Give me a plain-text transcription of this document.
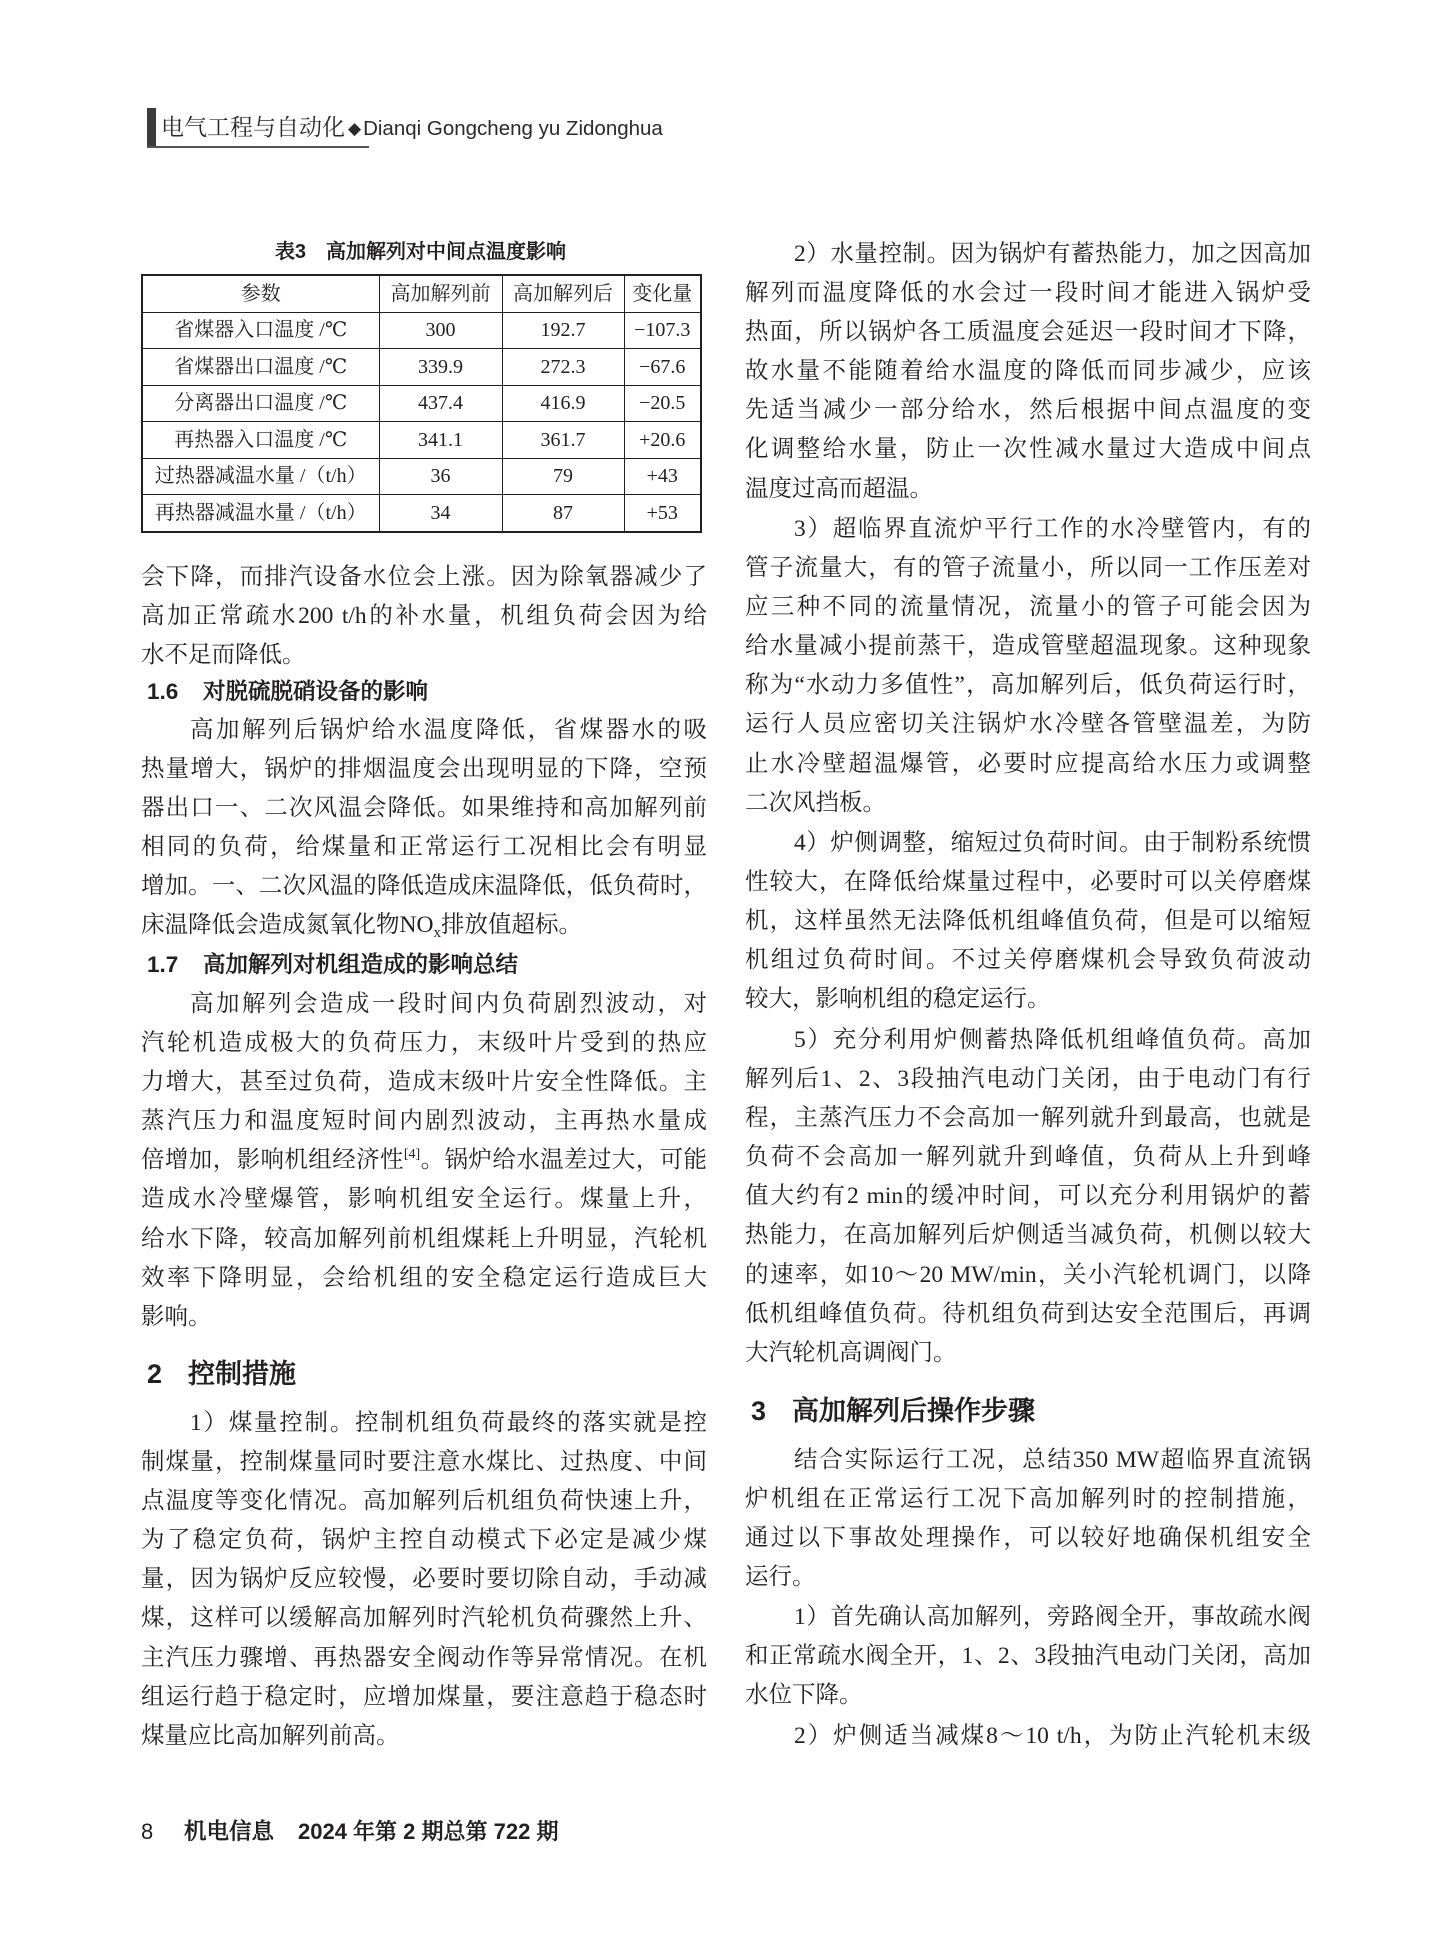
电气工程与自动化 ◆Dianqi Gongcheng yu Zidonghua
表3　高加解列对中间点温度影响
参数	高加解列前	高加解列后	变化量
省煤器入口温度 /℃	300	192.7	−107.3
省煤器出口温度 /℃	339.9	272.3	−67.6
分离器出口温度 /℃	437.4	416.9	−20.5
再热器入口温度 /℃	341.1	361.7	+20.6
过热器减温水量 /（t/h）	36	79	+43
再热器减温水量 /（t/h）	34	87	+53
会下降，而排汽设备水位会上涨。因为除氧器减少了
高加正常疏水200 t/h的补水量，机组负荷会因为给
水不足而降低。
1.6 对脱硫脱硝设备的影响
高加解列后锅炉给水温度降低，省煤器水的吸
热量增大，锅炉的排烟温度会出现明显的下降，空预
器出口一、二次风温会降低。如果维持和高加解列前
相同的负荷，给煤量和正常运行工况相比会有明显
增加。一、二次风温的降低造成床温降低，低负荷时，
床温降低会造成氮氧化物$NO_x$排放值超标。
1.7 高加解列对机组造成的影响总结
高加解列会造成一段时间内负荷剧烈波动，对
汽轮机造成极大的负荷压力，末级叶片受到的热应
力增大，甚至过负荷，造成末级叶片安全性降低。主
蒸汽压力和温度短时间内剧烈波动，主再热水量成
倍增加，影响机组经济性[4]。锅炉给水温差过大，可能
造成水冷壁爆管，影响机组安全运行。煤量上升，
给水下降，较高加解列前机组煤耗上升明显，汽轮机
效率下降明显，会给机组的安全稳定运行造成巨大
影响。
2 控制措施
1）煤量控制。控制机组负荷最终的落实就是控
制煤量，控制煤量同时要注意水煤比、过热度、中间
点温度等变化情况。高加解列后机组负荷快速上升，
为了稳定负荷，锅炉主控自动模式下必定是减少煤
量，因为锅炉反应较慢，必要时要切除自动，手动减
煤，这样可以缓解高加解列时汽轮机负荷骤然上升、
主汽压力骤增、再热器安全阀动作等异常情况。在机
组运行趋于稳定时，应增加煤量，要注意趋于稳态时
煤量应比高加解列前高。
2）水量控制。因为锅炉有蓄热能力，加之因高加
解列而温度降低的水会过一段时间才能进入锅炉受
热面，所以锅炉各工质温度会延迟一段时间才下降，
故水量不能随着给水温度的降低而同步减少，应该
先适当减少一部分给水，然后根据中间点温度的变
化调整给水量，防止一次性减水量过大造成中间点
温度过高而超温。
3）超临界直流炉平行工作的水冷壁管内，有的
管子流量大，有的管子流量小，所以同一工作压差对
应三种不同的流量情况，流量小的管子可能会因为
给水量减小提前蒸干，造成管壁超温现象。这种现象
称为“水动力多值性”，高加解列后，低负荷运行时，
运行人员应密切关注锅炉水冷壁各管壁温差，为防
止水冷壁超温爆管，必要时应提高给水压力或调整
二次风挡板。
4）炉侧调整，缩短过负荷时间。由于制粉系统惯
性较大，在降低给煤量过程中，必要时可以关停磨煤
机，这样虽然无法降低机组峰值负荷，但是可以缩短
机组过负荷时间。不过关停磨煤机会导致负荷波动
较大，影响机组的稳定运行。
5）充分利用炉侧蓄热降低机组峰值负荷。高加
解列后1、2、3段抽汽电动门关闭，由于电动门有行
程，主蒸汽压力不会高加一解列就升到最高，也就是
负荷不会高加一解列就升到峰值，负荷从上升到峰
值大约有2 min的缓冲时间，可以充分利用锅炉的蓄
热能力，在高加解列后炉侧适当减负荷，机侧以较大
的速率，如10～20 MW/min，关小汽轮机调门，以降
低机组峰值负荷。待机组负荷到达安全范围后，再调
大汽轮机高调阀门。
3 高加解列后操作步骤
结合实际运行工况，总结350 MW超临界直流锅
炉机组在正常运行工况下高加解列时的控制措施，
通过以下事故处理操作，可以较好地确保机组安全
运行。
1）首先确认高加解列，旁路阀全开，事故疏水阀
和正常疏水阀全开，1、2、3段抽汽电动门关闭，高加
水位下降。
2）炉侧适当减煤8～10 t/h，为防止汽轮机末级
8 机电信息 2024 年第 2 期总第 722 期
